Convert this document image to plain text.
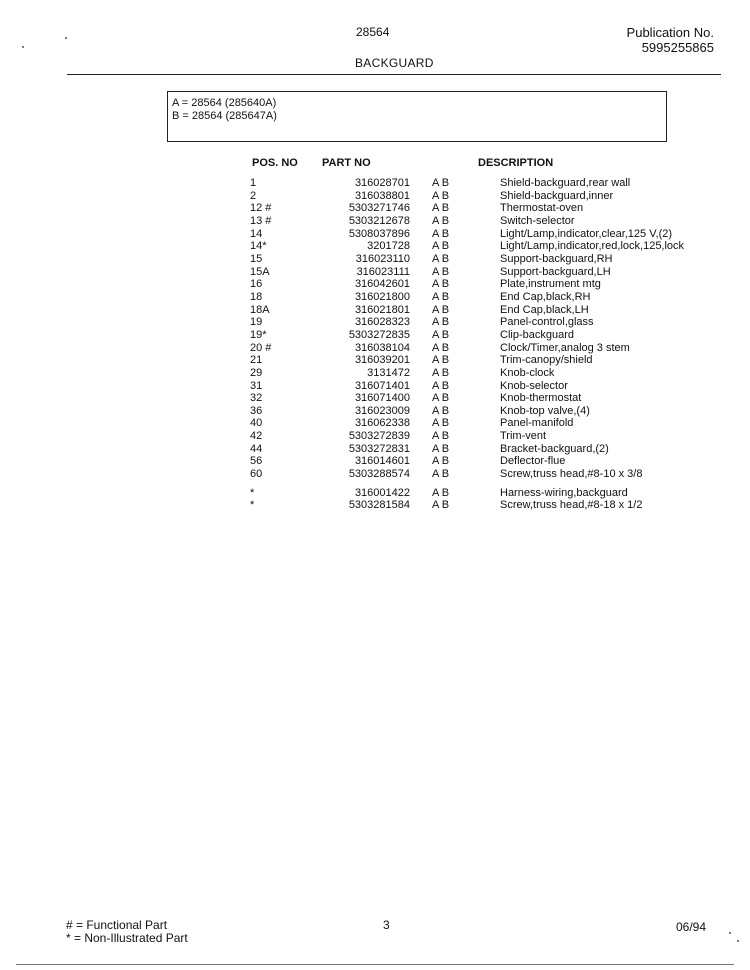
28564	Publication No.
5995255865
BACKGUARD
A = 28564 (285640A)
B = 28564 (285647A)
POS. NO PART NO	DESCRIPTION
1	316028701	A B	Shield-backguard,rear wall
2	316038801	A B	Shield-backguard,inner
12 #	5303271746	A B	Thermostat-oven
13 #	5303212678	A B	Switch-selector
14	5308037896	A B	Light/Lamp,indicator,clear,125 V,(2)
14*	3201728	A B	Light/Lamp,indicator,red,lock,125,lock
15	316023110	A B	Support-backguard,RH
15A	316023111	A B	Support-backguard,LH
16	316042601	A B	Plate,instrument mtg
18	316021800	A B	End Cap,black,RH
18A	316021801	A B	End Cap,black,LH
19	316028323	A B	Panel-control,glass
19*	5303272835	A B	Clip-backguard
20 #	316038104	A B	Clock/Timer,analog 3 stem
21	316039201	A B	Trim-canopy/shield
29	3131472	A B	Knob-clock
31	316071401	A B	Knob-selector
32	316071400	A B	Knob-thermostat
36	316023009	A B	Knob-top valve,(4)
40	316062338	A B	Panel-manifold
42	5303272839	A B	Trim-vent
44	5303272831	A B	Bracket-backguard,(2)
56	316014601	A B	Deflector-flue
60	5303288574	A B	Screw,truss head,#8-10 x 3/8

*	316001422	A B	Harness-wiring,backguard
*	5303281584	A B	Screw,truss head,#8-18 x 1/2
# = Functional Part
* = Non-Illustrated Part
3	06/94
